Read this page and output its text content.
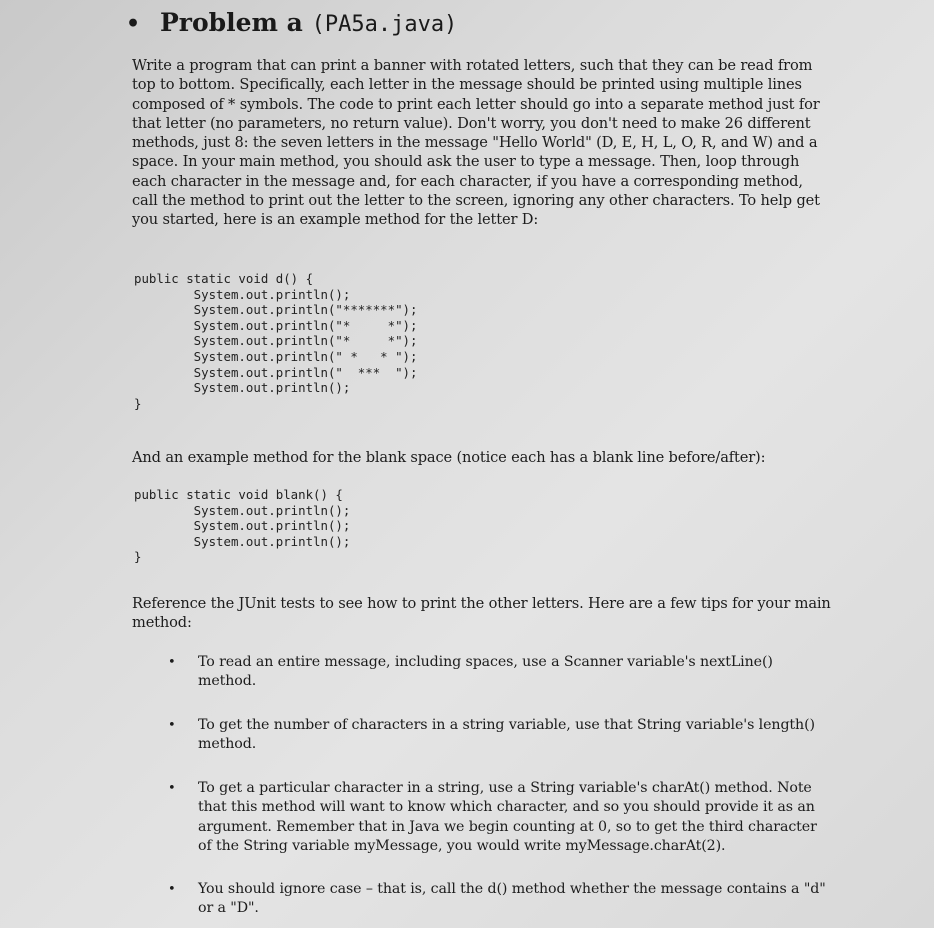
• Problem a (PA5a.java)
Write a program that can print a banner with rotated letters, such that they can be read from top to bottom. Specifically, each letter in the message should be printed using multiple lines composed of * symbols. The code to print each letter should go into a separate method just for that letter (no parameters, no return value). Don't worry, you don't need to make 26 different methods, just 8: the seven letters in the message "Hello World" (D, E, H, L, O, R, and W) and a space. In your main method, you should ask the user to type a message. Then, loop through each character in the message and, for each character, if you have a corresponding method, call the method to print out the letter to the screen, ignoring any other characters. To help get you started, here is an example method for the letter D:
public static void d() {
System.out.println();
System.out.println("*******");
System.out.println("*     *");
System.out.println("*     *");
System.out.println(" *   * ");
System.out.println("  ***  ");
System.out.println();
}
And an example method for the blank space (notice each has a blank line before/after):
public static void blank() {
System.out.println();
System.out.println();
System.out.println();
}
Reference the JUnit tests to see how to print the other letters. Here are a few tips for your main method:
•	To read an entire message, including spaces, use a Scanner variable's nextLine() method.
•	To get the number of characters in a string variable, use that String variable's length() method.
•	To get a particular character in a string, use a String variable's charAt() method. Note that this method will want to know which character, and so you should provide it as an argument. Remember that in Java we begin counting at 0, so to get the third character of the String variable myMessage, you would write myMessage.charAt(2).
•	You should ignore case – that is, call the d() method whether the message contains a "d" or a "D".
